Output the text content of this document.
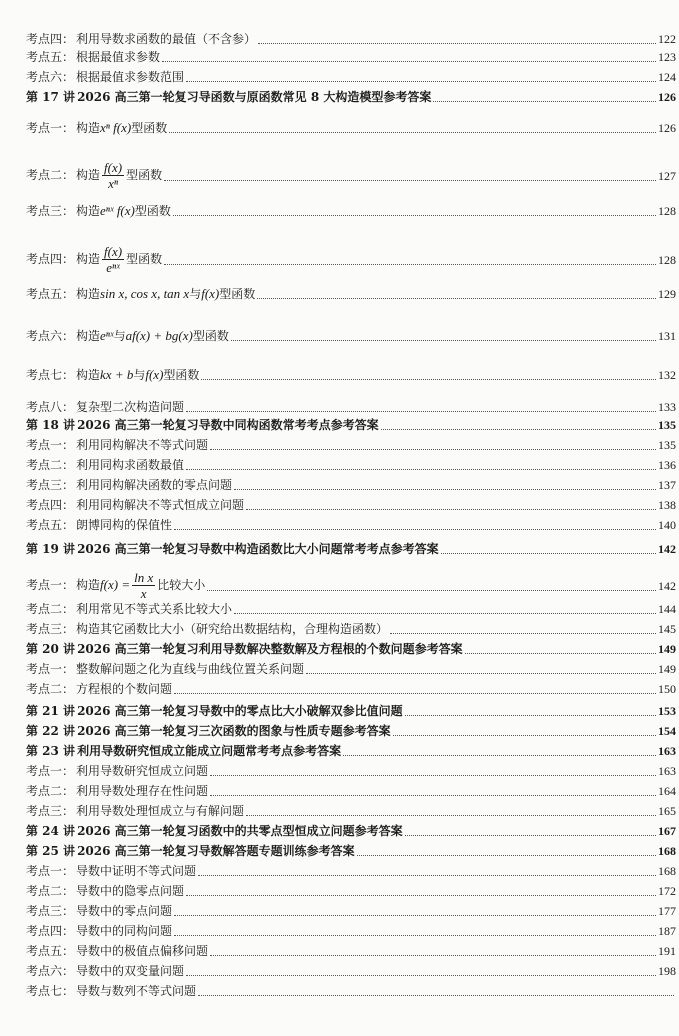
考点四： 利用导数求函数的最值（不含参）	122
考点五： 根据最值求参数	123
考点六： 根据最值求参数范围	124
第 17 讲 2026 高三第一轮复习导函数与原函数常见 8 大构造模型参考答案	126
考点一： 构造xⁿ f(x)型函数	126
考点二： 构造 $\frac{f(x)}{\text{xⁿ}}$ 型函数	127
考点三： 构造eⁿˣ f(x)型函数	128
考点四： 构造 $\frac{f(x)}{\text{eⁿˣ}}$ 型函数	128
考点五： 构造sin x, cos x, tan x与f(x)型函数	129
考点六： 构造eⁿˣ与af(x) + bg(x)型函数	131
考点七： 构造kx + b与f(x)型函数	132
考点八： 复杂型二次构造问题	133
第 18 讲 2026 高三第一轮复习导数中同构函数常考考点参考答案	135
考点一： 利用同构解决不等式问题	135
考点二： 利用同构求函数最值	136
考点三： 利用同构解决函数的零点问题	137
考点四： 利用同构解决不等式恒成立问题	138
考点五： 朗博同构的保值性	140
第 19 讲 2026 高三第一轮复习导数中构造函数比大小问题常考考点参考答案	142
考点一： 构造$f(x) = \frac{\text{ln x}}{x}$ 比较大小	142
考点二： 利用常见不等式关系比较大小	144
考点三： 构造其它函数比大小（研究给出数据结构，合理构造函数）	145
第 20 讲 2026 高三第一轮复习利用导数解决整数解及方程根的个数问题参考答案	149
考点一： 整数解问题之化为直线与曲线位置关系问题	149
考点二： 方程根的个数问题	150
第 21 讲 2026 高三第一轮复习导数中的零点比大小破解双参比值问题	153
第 22 讲 2026 高三第一轮复习三次函数的图象与性质专题参考答案	154
第 23 讲 利用导数研究恒成立能成立问题常考考点参考答案	163
考点一： 利用导数研究恒成立问题	163
考点二： 利用导数处理存在性问题	164
考点三： 利用导数处理恒成立与有解问题	165
第 24 讲 2026 高三第一轮复习函数中的共零点型恒成立问题参考答案	167
第 25 讲 2026 高三第一轮复习导数解答题专题训练参考答案	168
考点一： 导数中证明不等式问题	168
考点二： 导数中的隐零点问题	172
考点三： 导数中的零点问题	177
考点四： 导数中的同构问题	187
考点五： 导数中的极值点偏移问题	191
考点六： 导数中的双变量问题	198
考点七： 导数与数列不等式问题
